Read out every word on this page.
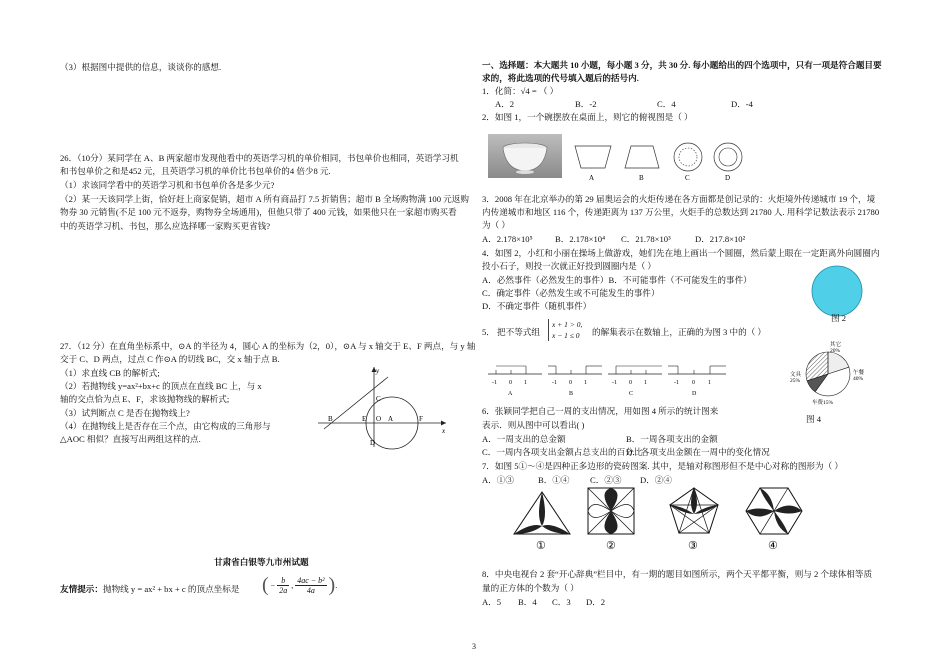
（3）根据图中提供的信息，谈谈你的感想.
26．（10分）某同学在 A、B 两家超市发现他看中的英语学习机的单价相同，书包单价也相同，英语学习机
和书包单价之和是452 元，且英语学习机的单价比书包单价的4 倍少8 元.
（1）求该同学看中的英语学习机和书包单价各是多少元?
（2）某一天该同学上街，恰好赶上商家促销，超市 A 所有商品打 7.5 折销售；超市 B 全场购物满 100 元返购
物券 30 元销售(不足 100 元不返券，购物券全场通用)，但他只带了 400 元钱，如果他只在一家超市购买看
中的英语学习机、书包，那么应选择哪一家购买更省钱?
27．（12 分）在直角坐标系中，⊙A 的半径为 4，圆心 A 的坐标为（2，0），⊙A 与 x 轴交于 E、F 两点，与 y 轴
交于 C、D 两点，过点 C 作⊙A 的切线 BC，交 x 轴于点 B.
（1）求直线 CB 的解析式;
（2）若抛物线 y=ax²+bx+c 的顶点在直线 BC 上，与 x
轴的交点恰为点 E、F，求该抛物线的解析式;
（3）试判断点 C 是否在抛物线上?
（4）在抛物线上是否存在三个点，由它构成的三角形与
△AOC 相似？直接写出两组这样的点.
y
C
B	E O A	F
x
D
甘肃省白银等九市州试题
友情提示：抛物线 y = ax² + bx + c 的顶点坐标是 ( − $\frac{b}{2a}$ , $\frac{\text{4ac − b²}}{4a}$ ).
一、选择题：本大题共 10 小题，每小题 3 分，共 30 分. 每小题给出的四个选项中，只有一项是符合题目要
求的，将此选项的代号填入题后的括号内.
1．化简：√4 = （ ）
A．2	B．-2	C．4	D．-4
2．如图 1，一个碗摆放在桌面上，则它的俯视图是（ ）
A	B	C	D
3．2008 年在北京举办的第 29 届奥运会的火炬传递在各方面都是创记录的：火炬境外传递城市 19 个，境
内传递城市和地区 116 个，传递距离为 137 万公里，火炬手的总数达到 21780 人. 用科学记数法表示 21780
为（ ）
A．2.178×10⁵	B．2.178×10⁴ C．21.78×10³	D．217.8×10²
4．如图 2，小红和小丽在操场上做游戏，她们先在地上画出一个圆圈，然后蒙上眼在一定距离外向圆圈内
投小石子，则投一次就正好投到圆圈内是（ ）
A．必然事件（必然发生的事件）B．不可能事件（不可能发生的事件）
C．确定事件（必然发生或不可能发生的事件）
D．不确定事件（随机事件）
图 2
5． 把不等式组
x + 1 > 0,
x − 1 ≤ 0	的解集表示在数轴上，正确的为图 3 中的（ ）
-1 0 1
A
-1 0 1
B
-1 0 1
C
-1 0 1
D
其它
20%
午餐
40%
文具
25%
车费15%
6．张颖同学把自己一周的支出情况，用如图 4 所示的统计图来
表示．则从图中可以看出( )
图 4
A．一周支出的总金额	B．一周各项支出的金额
C．一周内各项支出金额占总支出的百分比
D．各项支出金额在一周中的变化情况
7．如图 5①～④是四种正多边形的瓷砖图案. 其中，是轴对称图形但不是中心对称的图形为（ ）
A．①③	B．①④ C．②③ D．②④
①	②	③	④
8．中央电视台 2 套“开心辞典”栏目中，有一期的题目如图所示，两个天平都平衡，则与 2 个球体相等质
量的正方体的个数为（ ）
A．5 B．4 C．3 D．2
3
